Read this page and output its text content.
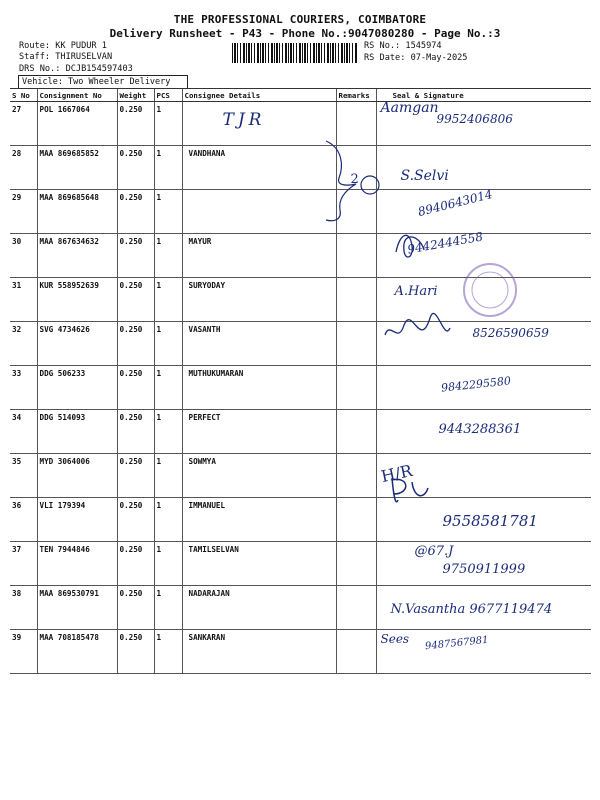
THE PROFESSIONAL COURIERS, COIMBATORE
Delivery Runsheet - P43 - Phone No.:9047080280 - Page No.:3
Route: KK PUDUR 1
Staff: THIRUSELVAN
DRS No.: DCJB154597403
RS No.: 1545974
RS Date: 07-May-2025
Vehicle: Two Wheeler Delivery
S No	Consignment No	Weight	PCS	Consignee Details	Remarks	Seal & Signature
27	POL 1667064	0.250	1	TJR		Aamgan
9952406806

28	MAA 869685852	0.250	1	VANDHANA	2	S.Selvi

29	MAA 869685648	0.250	1			8940643014

30	MAA 867634632	0.250	1	MAYUR		9442444558

31	KUR 558952639	0.250	1	SURYODAY		A.Hari

32	SVG 4734626	0.250	1	VASANTH		8526590659

33	DDG 506233	0.250	1	MUTHUKUMARAN		9842295580

34	DDG 514093	0.250	1	PERFECT		9443288361

35	MYD 3064006	0.250	1	SOWMYA		H/R

36	VLI 179394	0.250	1	IMMANUEL		9558581781

37	TEN 7944846	0.250	1	TAMILSELVAN		@67.J
9750911999

38	MAA 869530791	0.250	1	NADARAJAN		N.Vasantha 9677119474

39	MAA 708185478	0.250	1	SANKARAN		Sees 9487567981
